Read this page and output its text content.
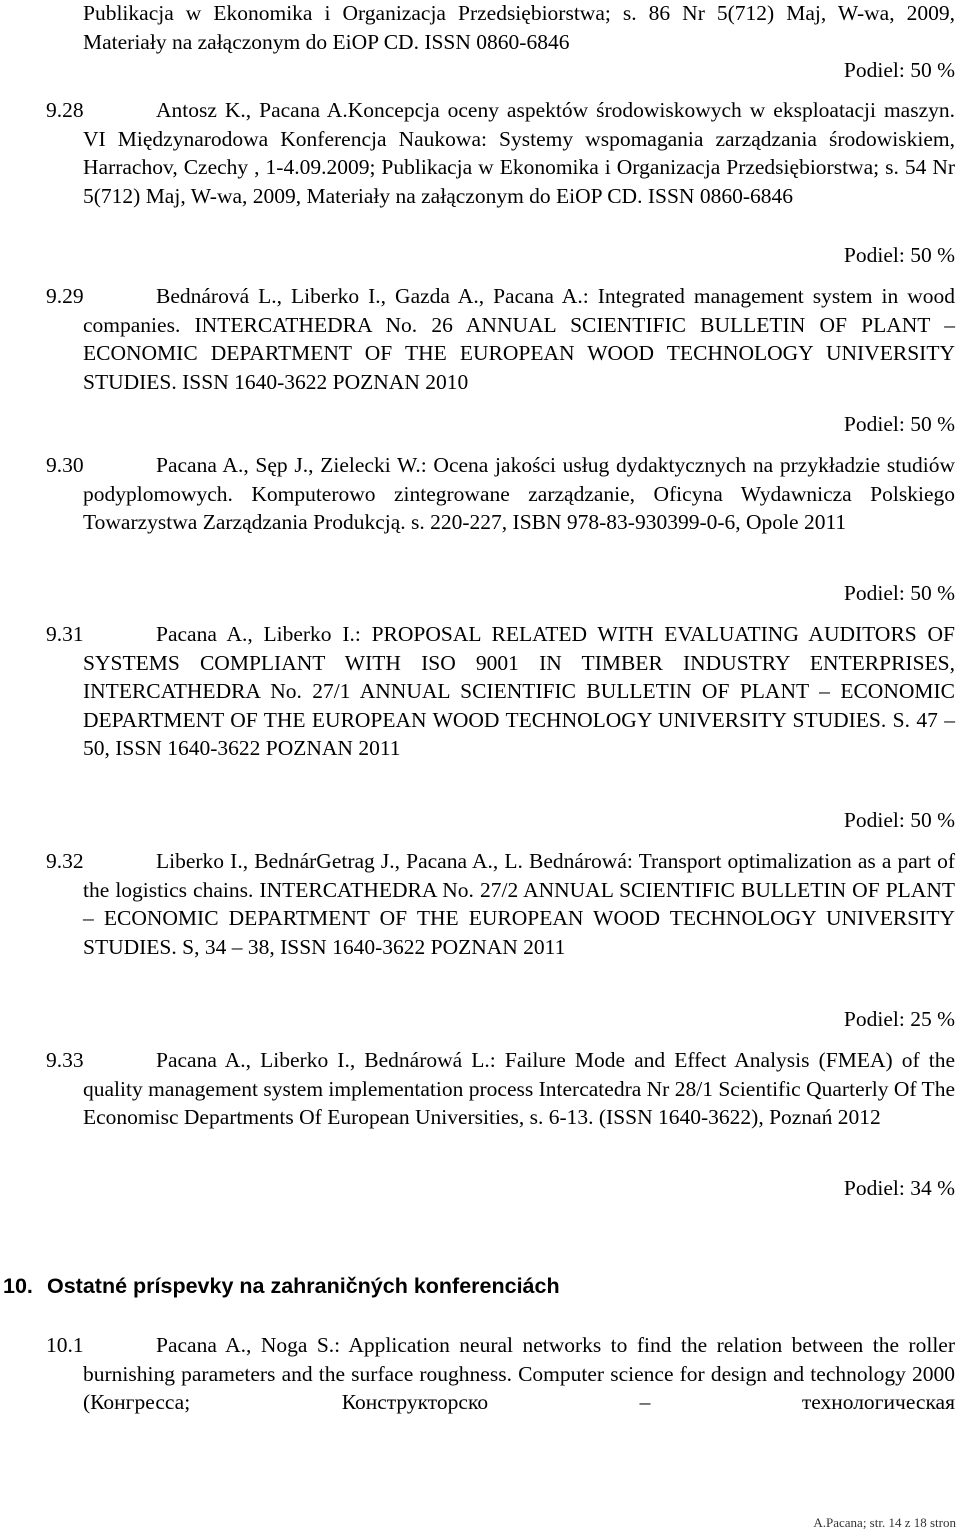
Publikacja w Ekonomika i Organizacja Przedsiębiorstwa; s. 86 Nr 5(712) Maj, W-wa, 2009, Materiały na załączonym do EiOP CD. ISSN 0860-6846
Podiel: 50 %
9.28	Antosz K., Pacana A.Koncepcja oceny aspektów środowiskowych w eksploatacji maszyn. VI Międzynarodowa Konferencja Naukowa: Systemy wspomagania zarządzania środowiskiem, Harrachov, Czechy , 1-4.09.2009; Publikacja w Ekonomika i Organizacja Przedsiębiorstwa; s. 54 Nr 5(712) Maj, W-wa, 2009, Materiały na załączonym do EiOP CD. ISSN 0860-6846
Podiel: 50 %
9.29	Bednárová L., Liberko I., Gazda A., Pacana A.: Integrated management system in wood companies. INTERCATHEDRA No. 26 ANNUAL SCIENTIFIC BULLETIN OF PLANT – ECONOMIC DEPARTMENT OF THE EUROPEAN WOOD TECHNOLOGY UNIVERSITY STUDIES. ISSN 1640-3622 POZNAN 2010
Podiel: 50 %
9.30	Pacana A., Sęp J., Zielecki W.: Ocena jakości usług dydaktycznych na przykładzie studiów podyplomowych. Komputerowo zintegrowane zarządzanie, Oficyna Wydawnicza Polskiego Towarzystwa Zarządzania Produkcją. s. 220-227, ISBN 978-83-930399-0-6, Opole 2011
Podiel: 50 %
9.31	Pacana A., Liberko I.: PROPOSAL RELATED WITH EVALUATING AUDITORS OF SYSTEMS COMPLIANT WITH ISO 9001 IN TIMBER INDUSTRY ENTERPRISES, INTERCATHEDRA No. 27/1 ANNUAL SCIENTIFIC BULLETIN OF PLANT – ECONOMIC DEPARTMENT OF THE EUROPEAN WOOD TECHNOLOGY UNIVERSITY STUDIES. S. 47 – 50, ISSN 1640-3622 POZNAN 2011
Podiel: 50 %
9.32	Liberko I., BednárGetrag J., Pacana A., L. Bednárowá: Transport optimalization as a part of the logistics chains. INTERCATHEDRA No. 27/2 ANNUAL SCIENTIFIC BULLETIN OF PLANT – ECONOMIC DEPARTMENT OF THE EUROPEAN WOOD TECHNOLOGY UNIVERSITY STUDIES. S, 34 – 38, ISSN 1640-3622 POZNAN 2011
Podiel: 25 %
9.33	Pacana A., Liberko I., Bednárowá L.: Failure Mode and Effect Analysis (FMEA) of the quality management system implementation process Intercatedra Nr 28/1 Scientific Quarterly Of The Economisc Departments Of European Universities, s. 6-13. (ISSN 1640-3622), Poznań 2012
Podiel: 34 %
10. Ostatné príspevky na zahraničných konferenciách
10.1	Pacana A., Noga S.: Application neural networks to find the relation between the roller burnishing parameters and the surface roughness. Computer science for design and technology 2000 (Конгресса; Конструкторско – технологическая
A.Pacana; str. 14 z 18 stron
